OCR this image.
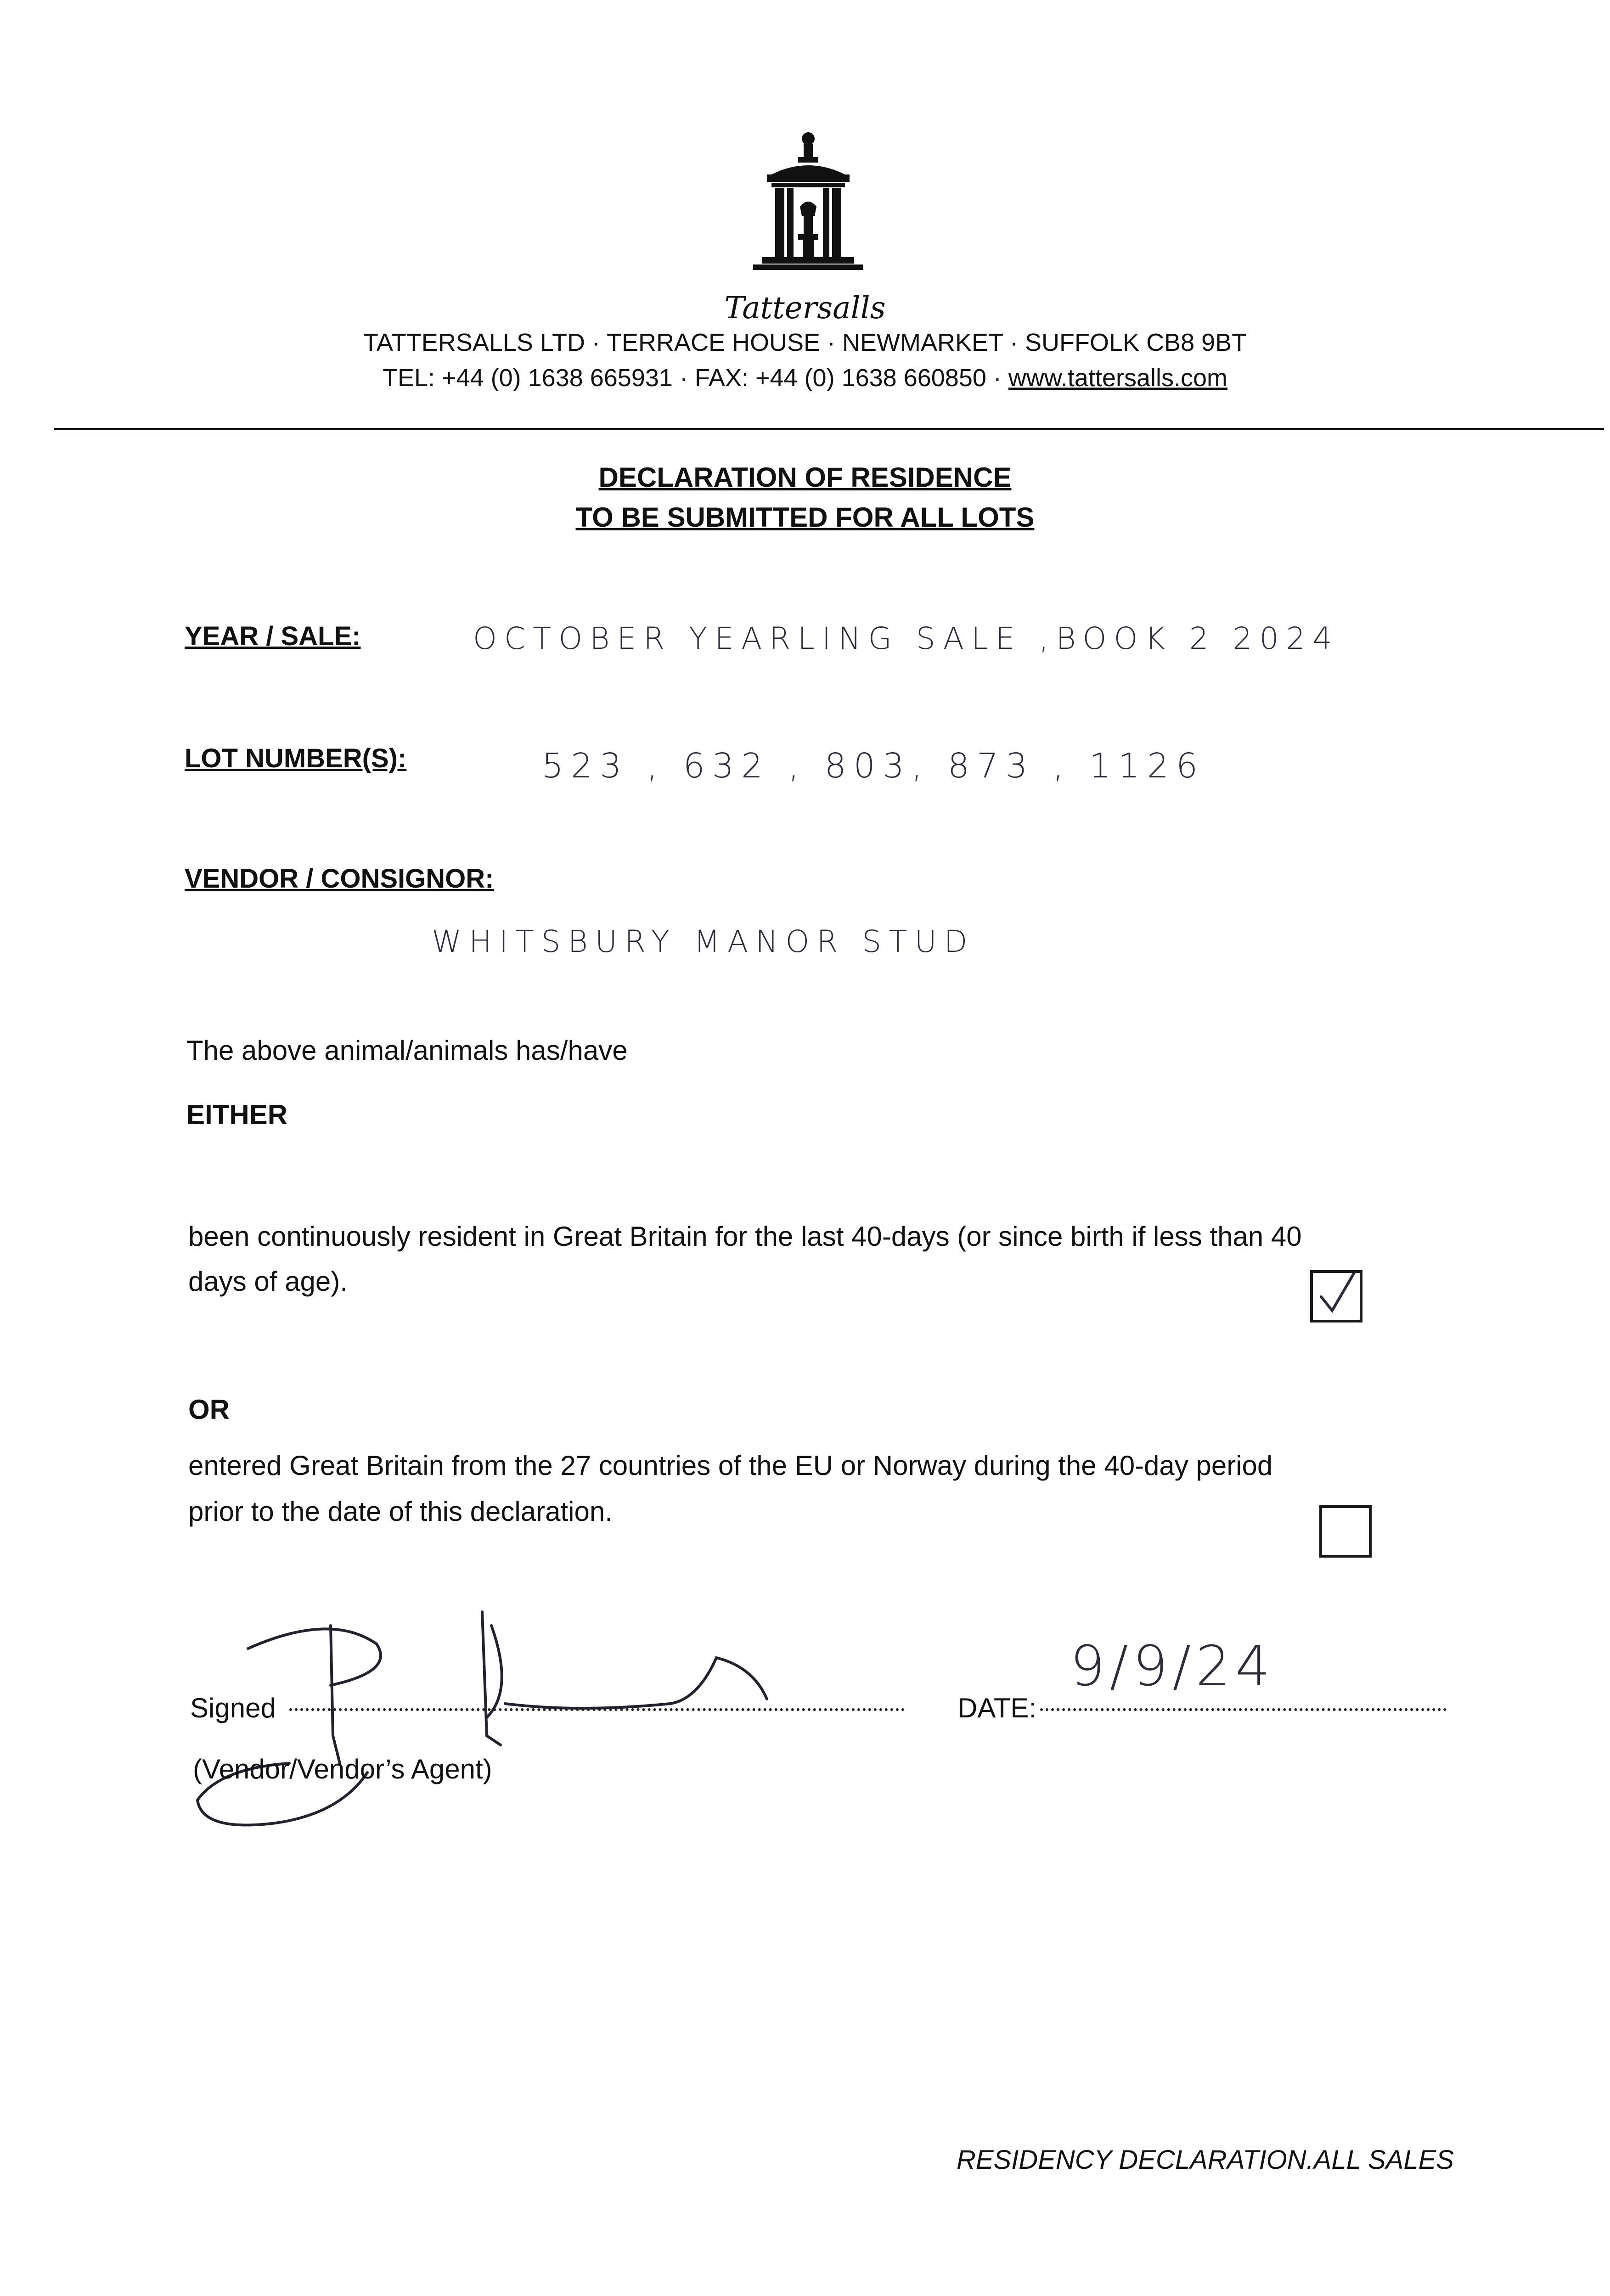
Tattersalls
TATTERSALLS LTD · TERRACE HOUSE · NEWMARKET · SUFFOLK CB8 9BT
TEL: +44 (0) 1638 665931 · FAX: +44 (0) 1638 660850 · www.tattersalls.com
DECLARATION OF RESIDENCE
TO BE SUBMITTED FOR ALL LOTS
YEAR / SALE:	OCTOBER YEARLING SALE ,BOOK 2 2024
LOT NUMBER(S):	523 , 632 , 803, 873 , 1126
VENDOR / CONSIGNOR:
WHITSBURY MANOR STUD
The above animal/animals has/have
EITHER
been continuously resident in Great Britain for the last 40-days (or since birth if less than 40
days of age).
OR
entered Great Britain from the 27 countries of the EU or Norway during the 40-day period
prior to the date of this declaration.
Signed
(Vendor/Vendor’s Agent)
DATE:
9/9/24
RESIDENCY DECLARATION.ALL SALES
